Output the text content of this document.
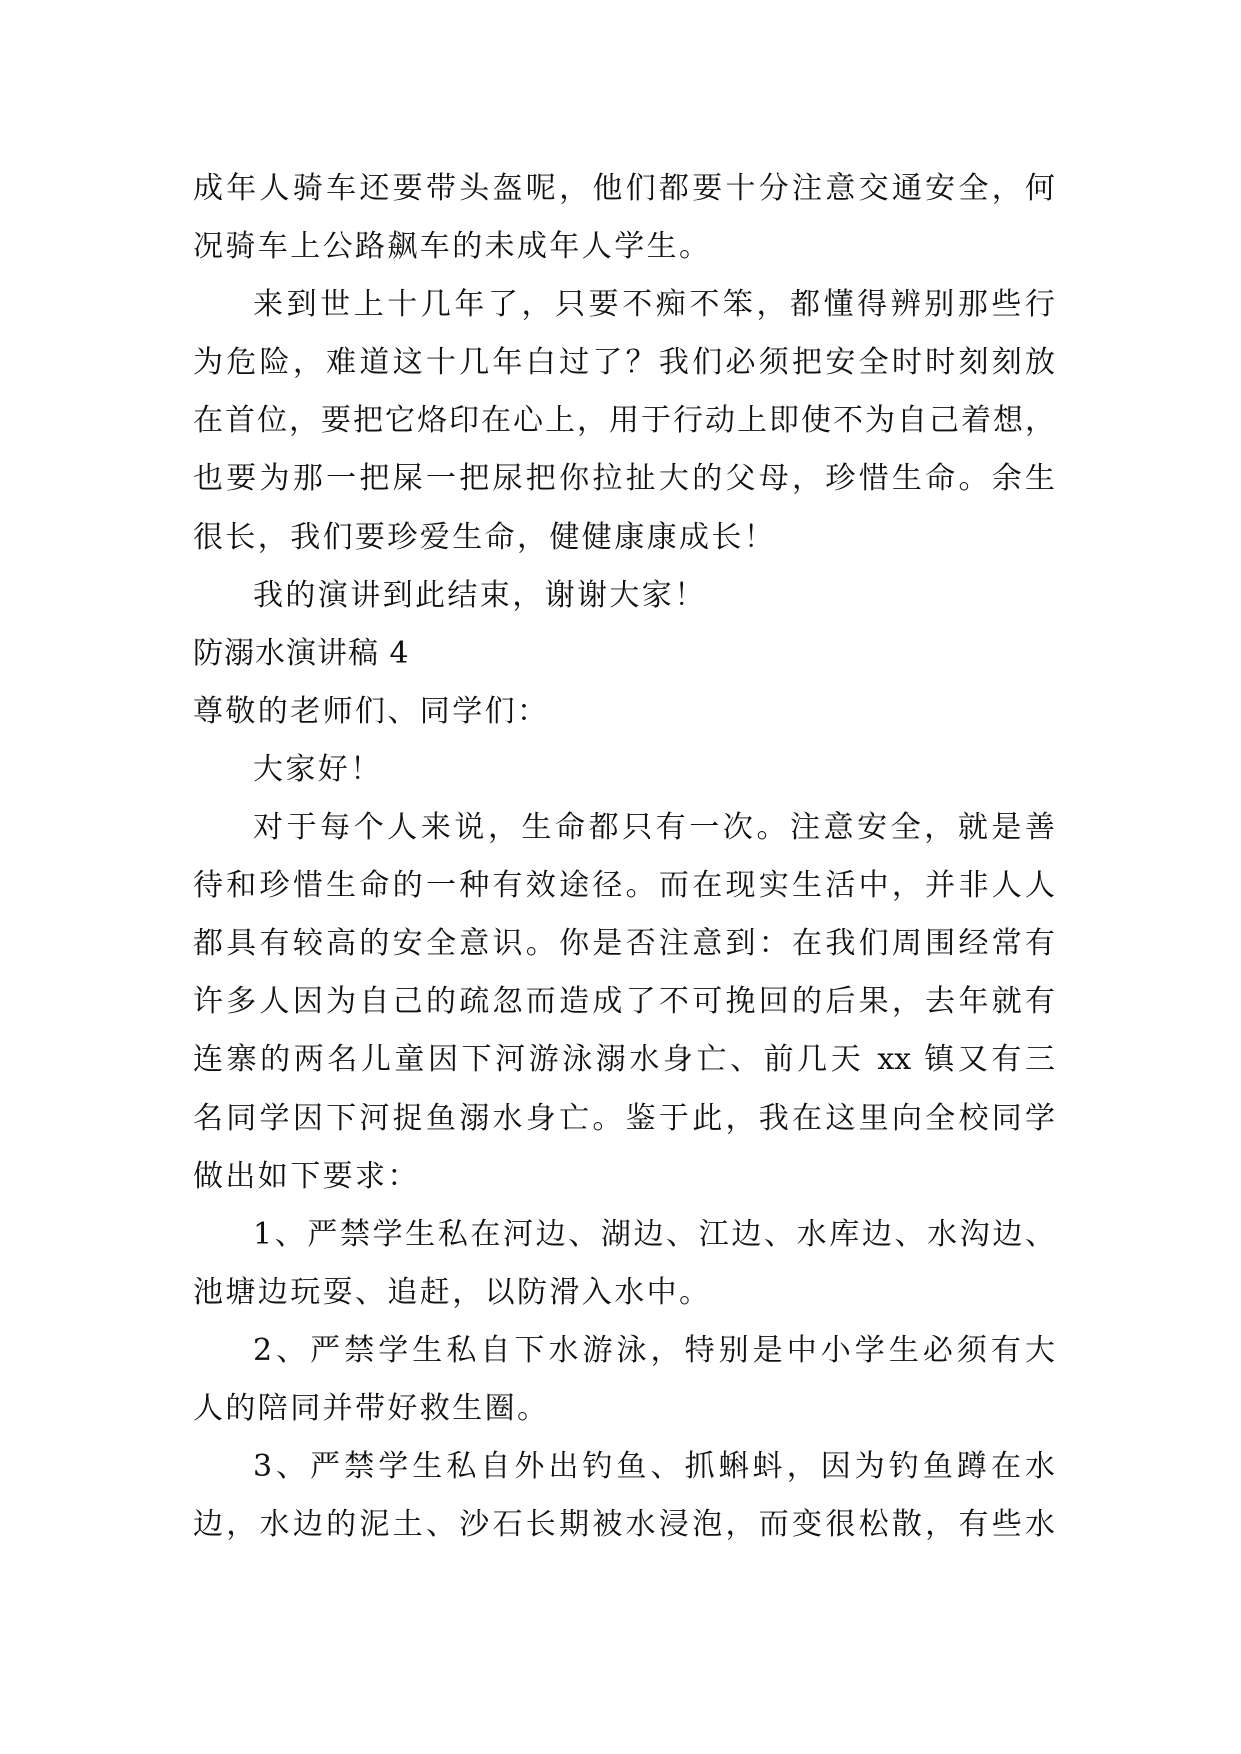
成年人骑车还要带头盔呢，他们都要十分注意交通安全，何
况骑车上公路飙车的未成年人学生。
来到世上十几年了，只要不痴不笨，都懂得辨别那些行
为危险，难道这十几年白过了？我们必须把安全时时刻刻放
在首位，要把它烙印在心上，用于行动上即使不为自己着想，
也要为那一把屎一把尿把你拉扯大的父母，珍惜生命。余生
很长，我们要珍爱生命，健健康康成长！
我的演讲到此结束，谢谢大家！
防溺水演讲稿 4
尊敬的老师们、同学们：
大家好！
对于每个人来说，生命都只有一次。注意安全，就是善
待和珍惜生命的一种有效途径。而在现实生活中，并非人人
都具有较高的安全意识。你是否注意到：在我们周围经常有
许多人因为自己的疏忽而造成了不可挽回的后果，去年就有
连寨的两名儿童因下河游泳溺水身亡、前几天 xx 镇又有三
名同学因下河捉鱼溺水身亡。鉴于此，我在这里向全校同学
做出如下要求：
1、严禁学生私在河边、湖边、江边、水库边、水沟边、
池塘边玩耍、追赶，以防滑入水中。
2、严禁学生私自下水游泳，特别是中小学生必须有大
人的陪同并带好救生圈。
3、严禁学生私自外出钓鱼、抓蝌蚪，因为钓鱼蹲在水
边，水边的泥土、沙石长期被水浸泡，而变很松散，有些水
